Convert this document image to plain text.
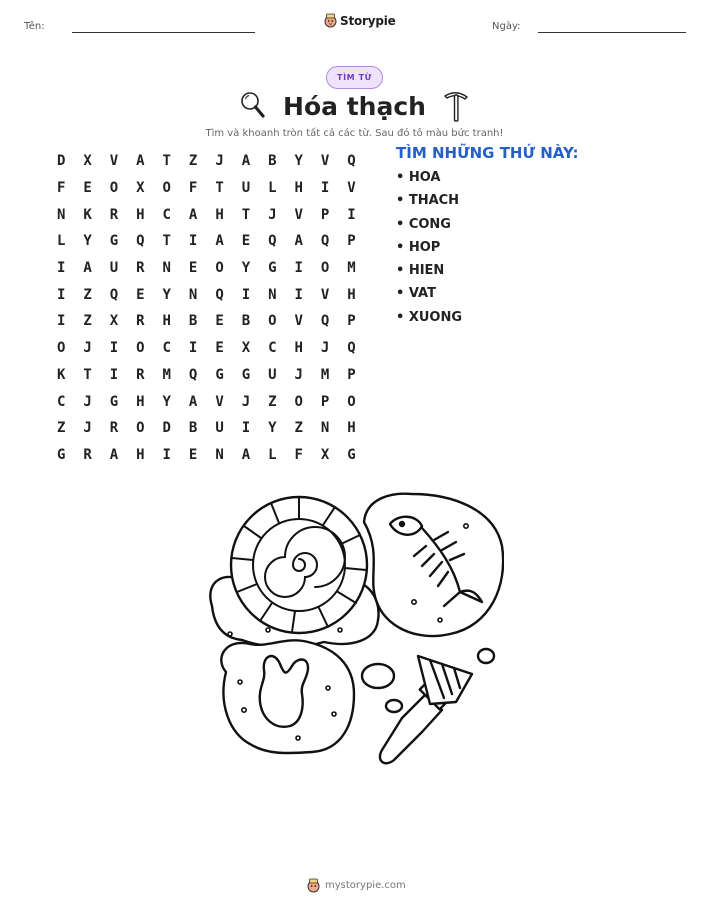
Tên:	Storypie	Ngày:
TÌM TỪ
Hóa thạch
Tìm và khoanh tròn tất cả các từ. Sau đó tô màu bức tranh!
D	X	V	A	T	Z	J	A	B	Y	V	Q
F	E	O	X	O	F	T	U	L	H	I	V
N	K	R	H	C	A	H	T	J	V	P	I
L	Y	G	Q	T	I	A	E	Q	A	Q	P
I	A	U	R	N	E	O	Y	G	I	O	M
I	Z	Q	E	Y	N	Q	I	N	I	V	H
I	Z	X	R	H	B	E	B	O	V	Q	P
O	J	I	O	C	I	E	X	C	H	J	Q
K	T	I	R	M	Q	G	G	U	J	M	P
C	J	G	H	Y	A	V	J	Z	O	P	O
Z	J	R	O	D	B	U	I	Y	Z	N	H
G	R	A	H	I	E	N	A	L	F	X	G
TÌM NHỮNG THỨ NÀY:
• HOA
• THACH
• CONG
• HOP
• HIEN
• VAT
• XUONG
mystorypie.com
